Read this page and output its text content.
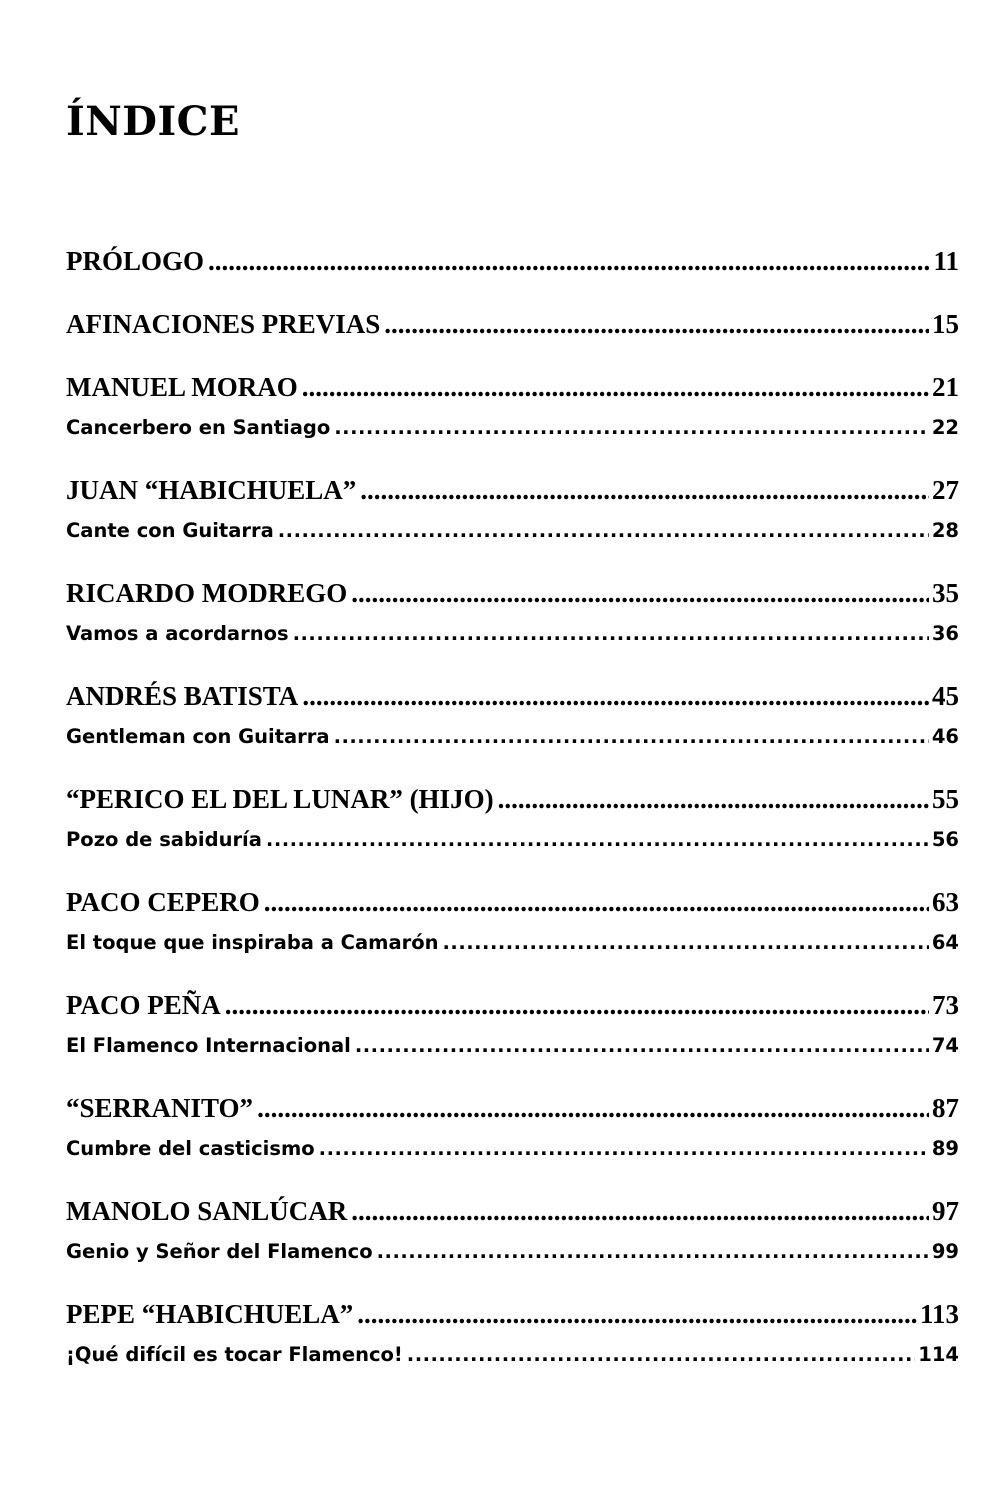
ÍNDICE
PRÓLOGO .....	11
AFINACIONES PREVIAS .....	15
MANUEL MORAO .....	21
Cancerbero en Santiago .....	22
JUAN “HABICHUELA” .....	27
Cante con Guitarra .....	28
RICARDO MODREGO .....	35
Vamos a acordarnos .....	36
ANDRÉS BATISTA .....	45
Gentleman con Guitarra .....	46
“PERICO EL DEL LUNAR” (HIJO) .....	55
Pozo de sabiduría .....	56
PACO CEPERO .....	63
El toque que inspiraba a Camarón .....	64
PACO PEÑA .....	73
El Flamenco Internacional .....	74
“SERRANITO” .....	87
Cumbre del casticismo .....	89
MANOLO SANLÚCAR .....	97
Genio y Señor del Flamenco .....	99
PEPE “HABICHUELA” .....	113
¡Qué difícil es tocar Flamenco! .....	114
